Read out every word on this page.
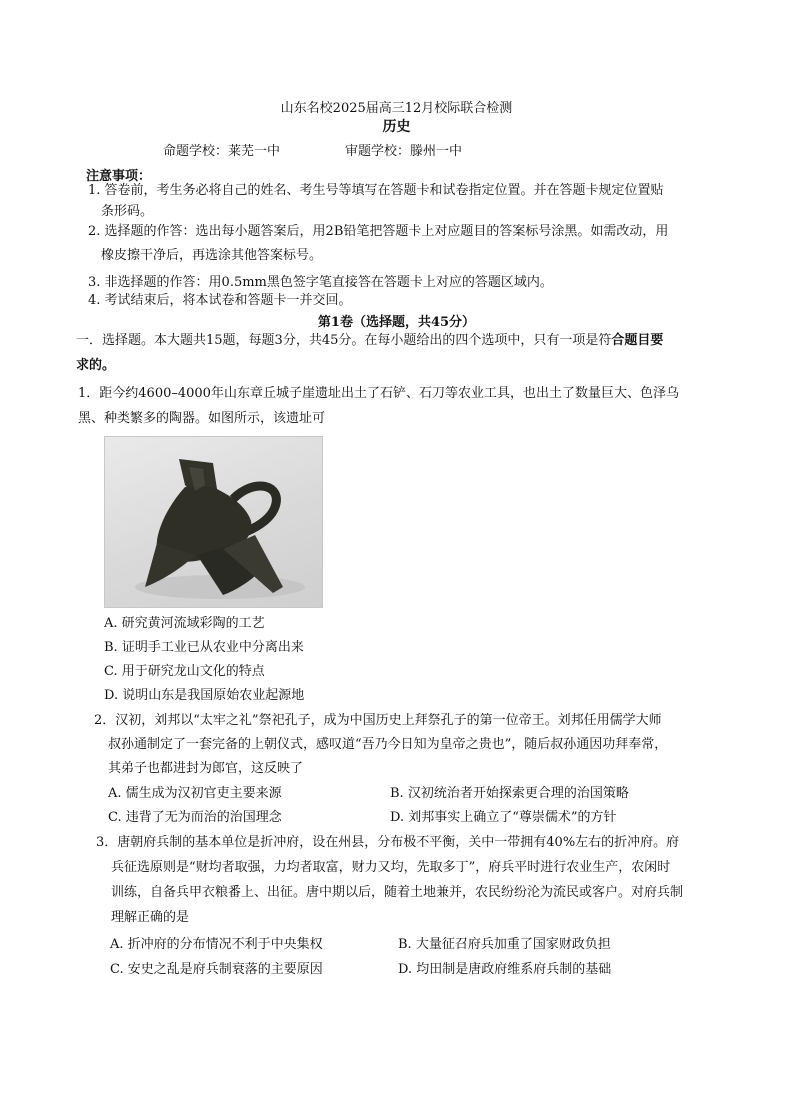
山东名校2025届高三12月校际联合检测
历史
命题学校：莱芜一中	审题学校：滕州一中
注意事项：
1. 答卷前，考生务必将自己的姓名、考生号等填写在答题卡和试卷指定位置。并在答题卡规定位置贴
条形码。
2. 选择题的作答：选出每小题答案后，用2B铅笔把答题卡上对应题目的答案标号涂黑。如需改动，用
橡皮擦干净后，再选涂其他答案标号。
3. 非选择题的作答：用0.5mm黑色签字笔直接答在答题卡上对应的答题区域内。
4. 考试结束后，将本试卷和答题卡一并交回。
第1卷（选择题，共45分）
一．选择题。本大题共15题，每题3分，共45分。在每小题给出的四个选项中，只有一项是符合题目要
求的。
1．距今约4600–4000年山东章丘城子崖遗址出土了石铲、石刀等农业工具，也出土了数量巨大、色泽乌
黑、种类繁多的陶器。如图所示，该遗址可
A. 研究黄河流域彩陶的工艺
B. 证明手工业已从农业中分离出来
C. 用于研究龙山文化的特点
D. 说明山东是我国原始农业起源地
2．汉初，刘邦以“太牢之礼”祭祀孔子，成为中国历史上拜祭孔子的第一位帝王。刘邦任用儒学大师
叔孙通制定了一套完备的上朝仪式，感叹道“吾乃今日知为皇帝之贵也”，随后叔孙通因功拜奉常，
其弟子也都进封为郎官，这反映了
A. 儒生成为汉初官吏主要来源	B. 汉初统治者开始探索更合理的治国策略
C. 违背了无为而治的治国理念	D. 刘邦事实上确立了“尊崇儒术”的方针
3．唐朝府兵制的基本单位是折冲府，设在州县，分布极不平衡，关中一带拥有40%左右的折冲府。府
兵征选原则是“财均者取强，力均者取富，财力又均，先取多丁”，府兵平时进行农业生产，农闲时
训练，自备兵甲衣粮番上、出征。唐中期以后，随着土地兼并，农民纷纷沦为流民或客户。对府兵制
理解正确的是
A. 折冲府的分布情况不利于中央集权	B. 大量征召府兵加重了国家财政负担
C. 安史之乱是府兵制衰落的主要原因	D. 均田制是唐政府维系府兵制的基础
